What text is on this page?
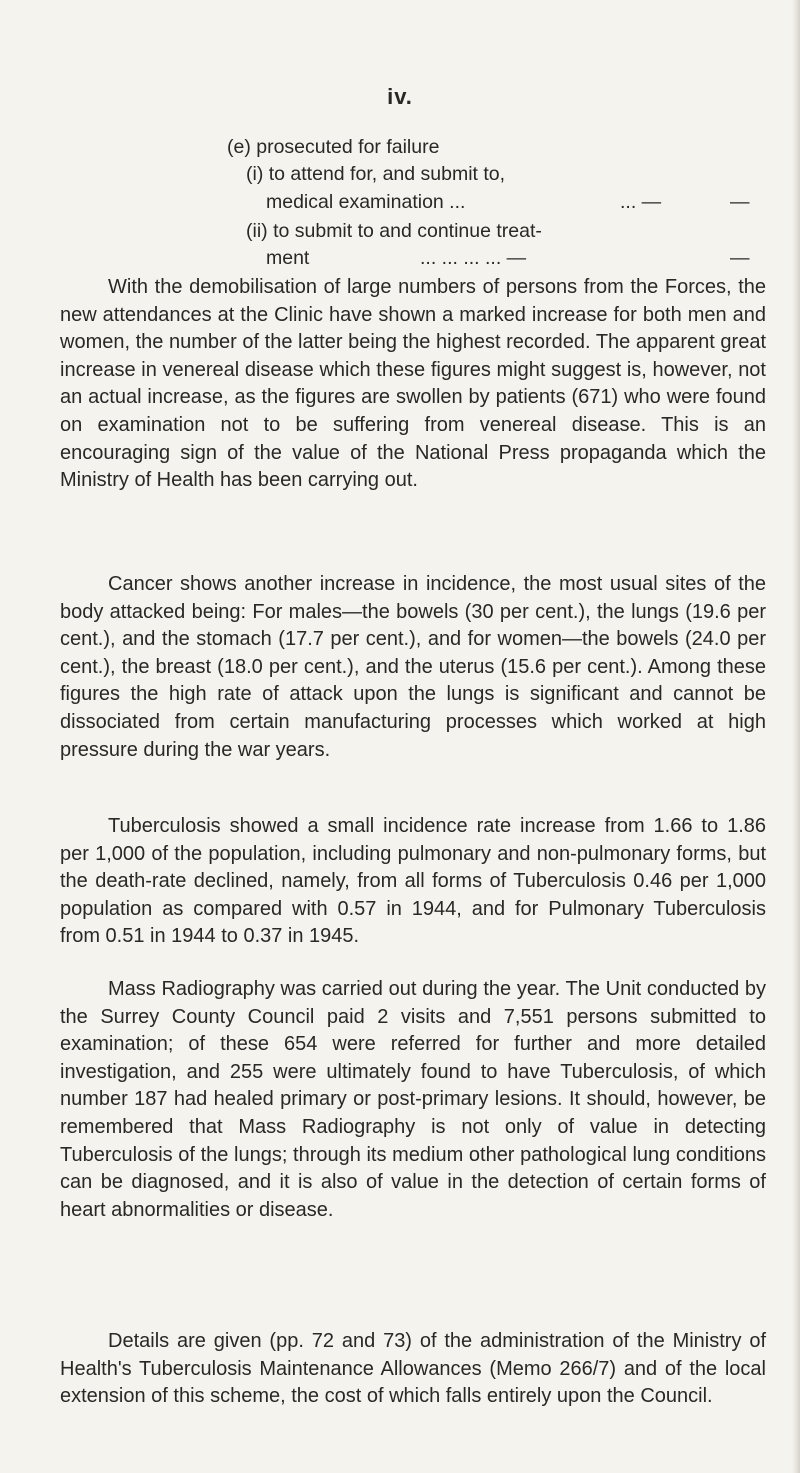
iv.
(e) prosecuted for failure
(i) to attend for, and submit to,
medical examination ...	... —	—
(ii) to submit to and continue treat-
ment	... ... ... ... —	—

With the demobilisation of large numbers of persons from the Forces, the new attendances at the Clinic have shown a marked increase for both men and women, the number of the latter being the highest recorded. The apparent great increase in venereal disease which these figures might suggest is, however, not an actual increase, as the figures are swollen by patients (671) who were found on examination not to be suffering from venereal disease. This is an encouraging sign of the value of the National Press propaganda which the Ministry of Health has been carrying out.

Cancer shows another increase in incidence, the most usual sites of the body attacked being: For males—the bowels (30 per cent.), the lungs (19.6 per cent.), and the stomach (17.7 per cent.), and for women—the bowels (24.0 per cent.), the breast (18.0 per cent.), and the uterus (15.6 per cent.). Among these figures the high rate of attack upon the lungs is significant and cannot be dissociated from certain manufacturing processes which worked at high pressure during the war years.

Tuberculosis showed a small incidence rate increase from 1.66 to 1.86 per 1,000 of the population, including pulmonary and non-pulmonary forms, but the death-rate declined, namely, from all forms of Tuberculosis 0.46 per 1,000 population as compared with 0.57 in 1944, and for Pulmonary Tuberculosis from 0.51 in 1944 to 0.37 in 1945.

Mass Radiography was carried out during the year. The Unit conducted by the Surrey County Council paid 2 visits and 7,551 persons submitted to examination; of these 654 were referred for further and more detailed investigation, and 255 were ultimately found to have Tuberculosis, of which number 187 had healed primary or post-primary lesions. It should, however, be remembered that Mass Radiography is not only of value in detecting Tuberculosis of the lungs; through its medium other pathological lung conditions can be diagnosed, and it is also of value in the detection of certain forms of heart abnormalities or disease.

Details are given (pp. 72 and 73) of the administration of the Ministry of Health's Tuberculosis Maintenance Allowances (Memo 266/7) and of the local extension of this scheme, the cost of which falls entirely upon the Council.
